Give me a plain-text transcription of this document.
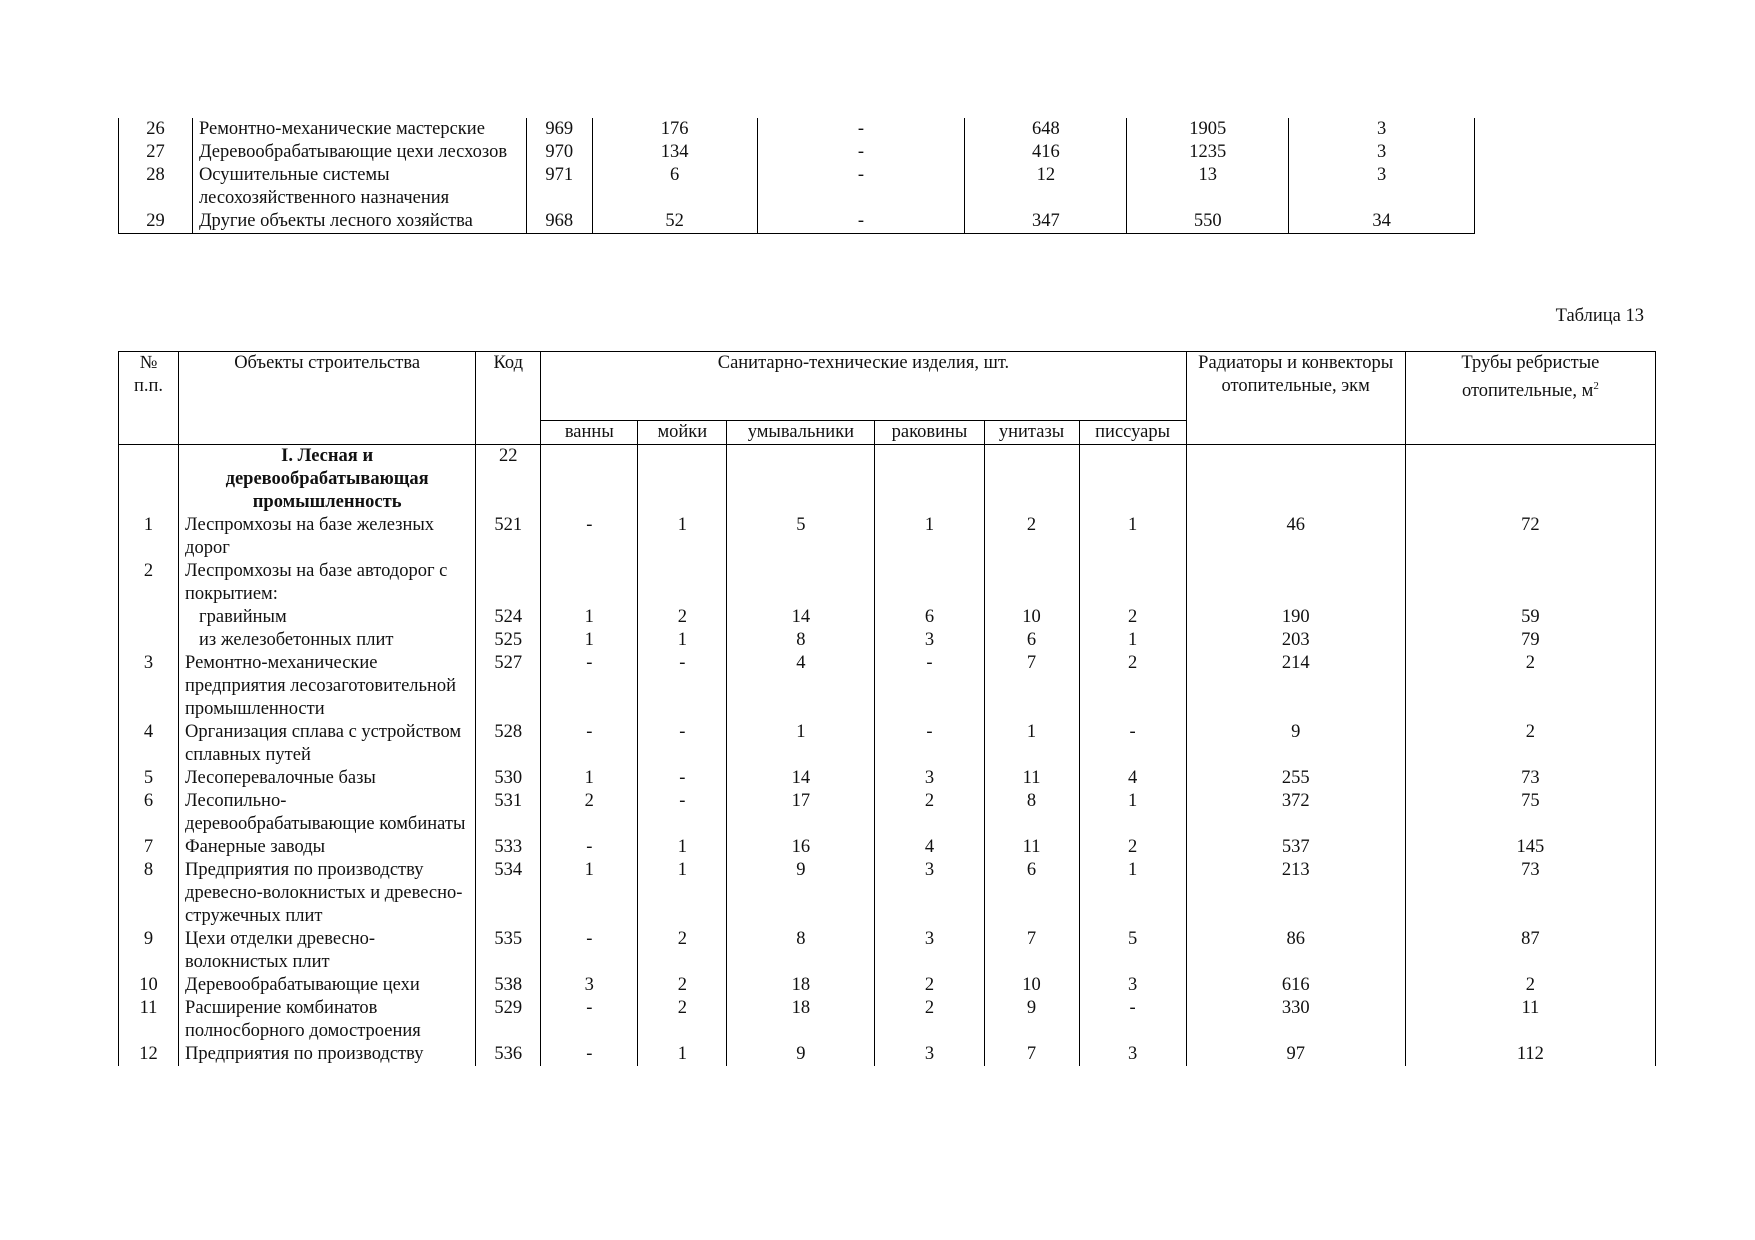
26	Ремонтно-механические мастерские	969	176	-	648	1905	3
27	Деревообрабатывающие цехи лесхозов	970	134	-	416	1235	3
28	Осушительные системы лесохозяйственного назначения	971	6	-	12	13	3
29	Другие объекты лесного хозяйства	968	52	-	347	550	34

Таблица 13

№ п.п.	Объекты строительства	Код	Санитарно-технические изделия, шт.						Радиаторы и конвекторы отопительные, экм	Трубы ребристые отопительные, $м^2$
			ванны	мойки	умывальники	раковины	унитазы	писсуары		
	I. Лесная и деревообрабатывающая промышленность	22								
1	Леспромхозы на базе железных дорог	521	-	1	5	1	2	1	46	72
2	Леспромхозы на базе автодорог с покрытием:									
	гравийным	524	1	2	14	6	10	2	190	59
	из железобетонных плит	525	1	1	8	3	6	1	203	79
3	Ремонтно-механические предприятия лесозаготовительной промышленности	527	-	-	4	-	7	2	214	2
4	Организация сплава с устройством сплавных путей	528	-	-	1	-	1	-	9	2
5	Лесоперевалочные базы	530	1	-	14	3	11	4	255	73
6	Лесопильно-деревообрабатывающие комбинаты	531	2	-	17	2	8	1	372	75
7	Фанерные заводы	533	-	1	16	4	11	2	537	145
8	Предприятия по производству древесно-волокнистых и древесно-стружечных плит	534	1	1	9	3	6	1	213	73
9	Цехи отделки древесно-волокнистых плит	535	-	2	8	3	7	5	86	87
10	Деревообрабатывающие цехи	538	3	2	18	2	10	3	616	2
11	Расширение комбинатов полносборного домостроения	529	-	2	18	2	9	-	330	11
12	Предприятия по производству	536	-	1	9	3	7	3	97	112
